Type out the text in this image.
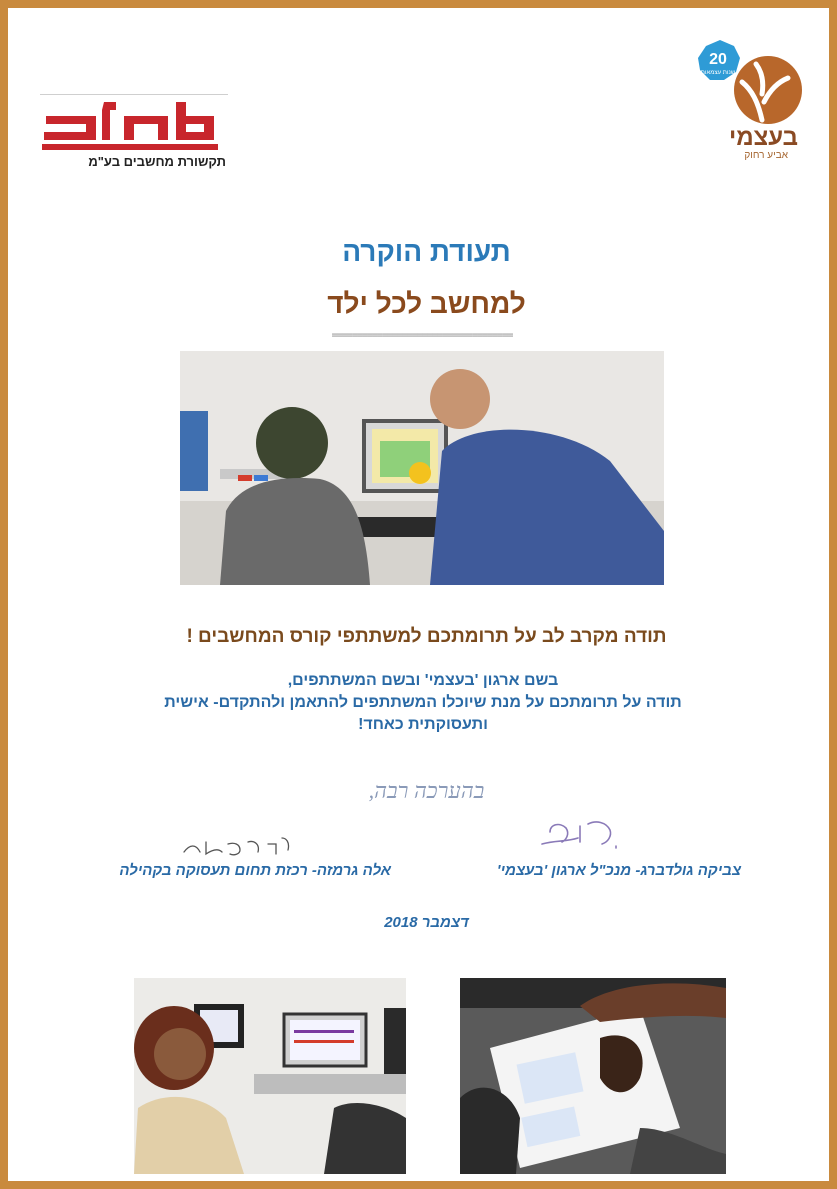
תקשורת מחשבים בע"מ
20
שנות עצמאות
בעצמי
אביע רחוק
תעודת הוקרה
למחשב לכל ילד
====================================
תודה מקרב לב על תרומתכם למשתתפי קורס המחשבים !
בשם ארגון 'בעצמי' ובשם המשתתפים,
תודה על תרומתכם על מנת שיוכלו המשתתפים להתאמן ולהתקדם- אישית
ותעסוקתית כאחד!
בהערכה רבה,
צביקה גולדברג- מנכ"ל ארגון 'בעצמי'
אלה גרמזה- רכזת תחום תעסוקה בקהילה
דצמבר 2018
